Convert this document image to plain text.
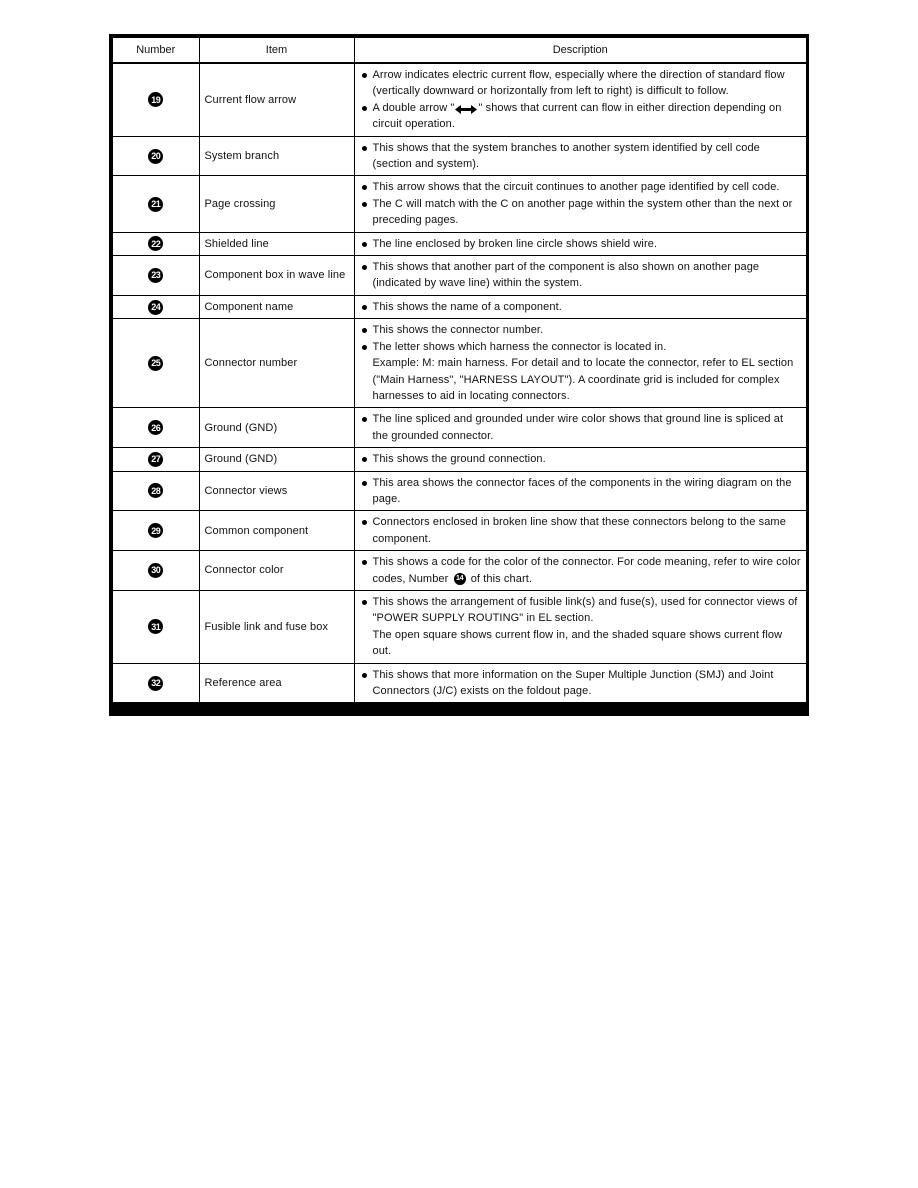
Number	Item	Description
19	Current flow arrow	Arrow indicates electric current flow, especially where the direction of standard flow (vertically downward or horizontally from left to right) is difficult to follow.
A double arrow " " shows that current can flow in either direction depending on circuit operation.

20	System branch	This shows that the system branches to another system identified by cell code (section and system).

21	Page crossing	This arrow shows that the circuit continues to another page identified by cell code.
The C will match with the C on another page within the system other than the next or preceding pages.

22	Shielded line	The line enclosed by broken line circle shows shield wire.

23	Component box in wave line	This shows that another part of the component is also shown on another page (indicated by wave line) within the system.

24	Component name	This shows the name of a component.

25	Connector number	This shows the connector number.
The letter shows which harness the connector is located in.
Example: M: main harness. For detail and to locate the connector, refer to EL section ("Main Harness", "HARNESS LAYOUT"). A coordinate grid is included for complex harnesses to aid in locating connectors.

26	Ground (GND)	The line spliced and grounded under wire color shows that ground line is spliced at the grounded connector.

27	Ground (GND)	This shows the ground connection.

28	Connector views	This area shows the connector faces of the components in the wiring diagram on the page.

29	Common component	Connectors enclosed in broken line show that these connectors belong to the same component.

30	Connector color	This shows a code for the color of the connector. For code meaning, refer to wire color codes, Number 14 of this chart.

31	Fusible link and fuse box	This shows the arrangement of fusible link(s) and fuse(s), used for connector views of "POWER SUPPLY ROUTING" in EL section.
The open square shows current flow in, and the shaded square shows current flow out.

32	Reference area	This shows that more information on the Super Multiple Junction (SMJ) and Joint Connectors (J/C) exists on the foldout page.
